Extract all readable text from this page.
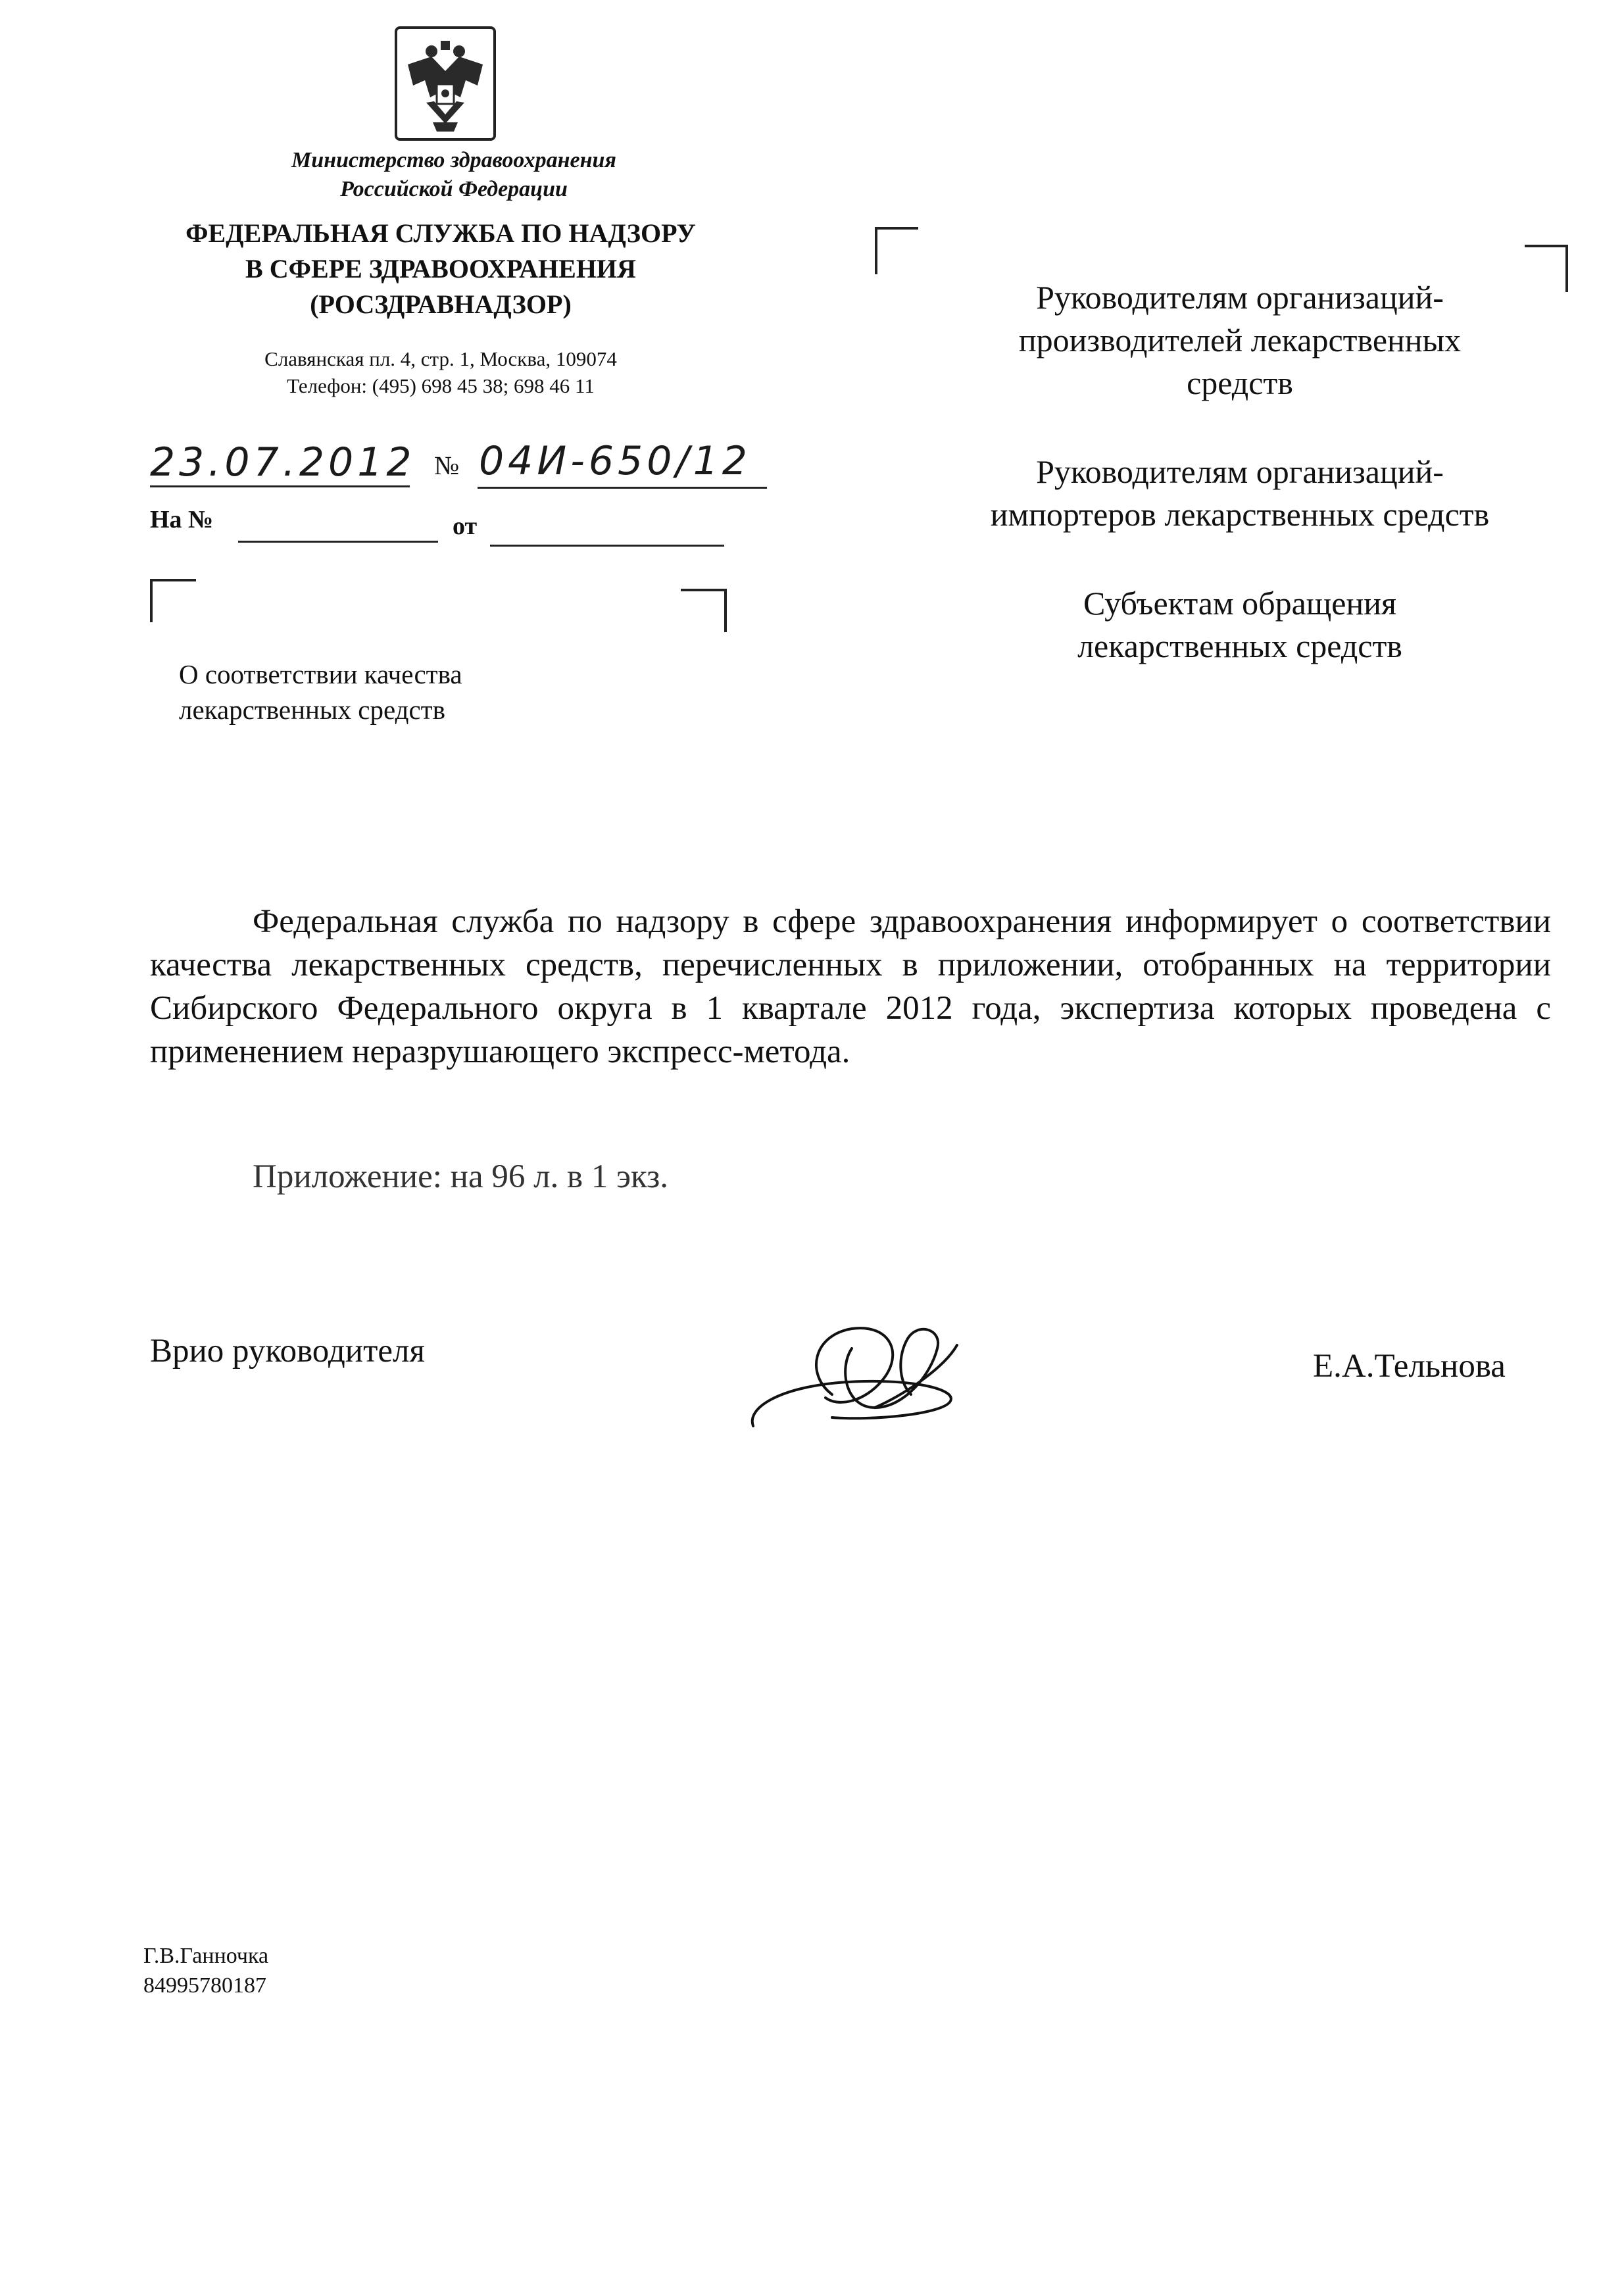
Министерство здравоохранения
Российской Федерации
ФЕДЕРАЛЬНАЯ СЛУЖБА ПО НАДЗОРУ
В СФЕРЕ ЗДРАВООХРАНЕНИЯ
(РОСЗДРАВНАДЗОР)
Славянская пл. 4, стр. 1, Москва, 109074
Телефон: (495) 698 45 38; 698 46 11
23.07.2012 № 04И-650/12
На №	от
О соответствии качества
лекарственных средств
Руководителям организаций-
производителей лекарственных
средств
Руководителям организаций-
импортеров лекарственных средств
Субъектам обращения
лекарственных средств
Федеральная служба по надзору в сфере здравоохранения информирует о соответствии качества лекарственных средств, перечисленных в приложении, отобранных на территории Сибирского Федерального округа в 1 квартале 2012 года, экспертиза которых проведена с применением неразрушающего экспресс-метода.
Приложение: на 96 л. в 1 экз.
Врио руководителя	Е.А.Тельнова
Г.В.Ганночка
84995780187
